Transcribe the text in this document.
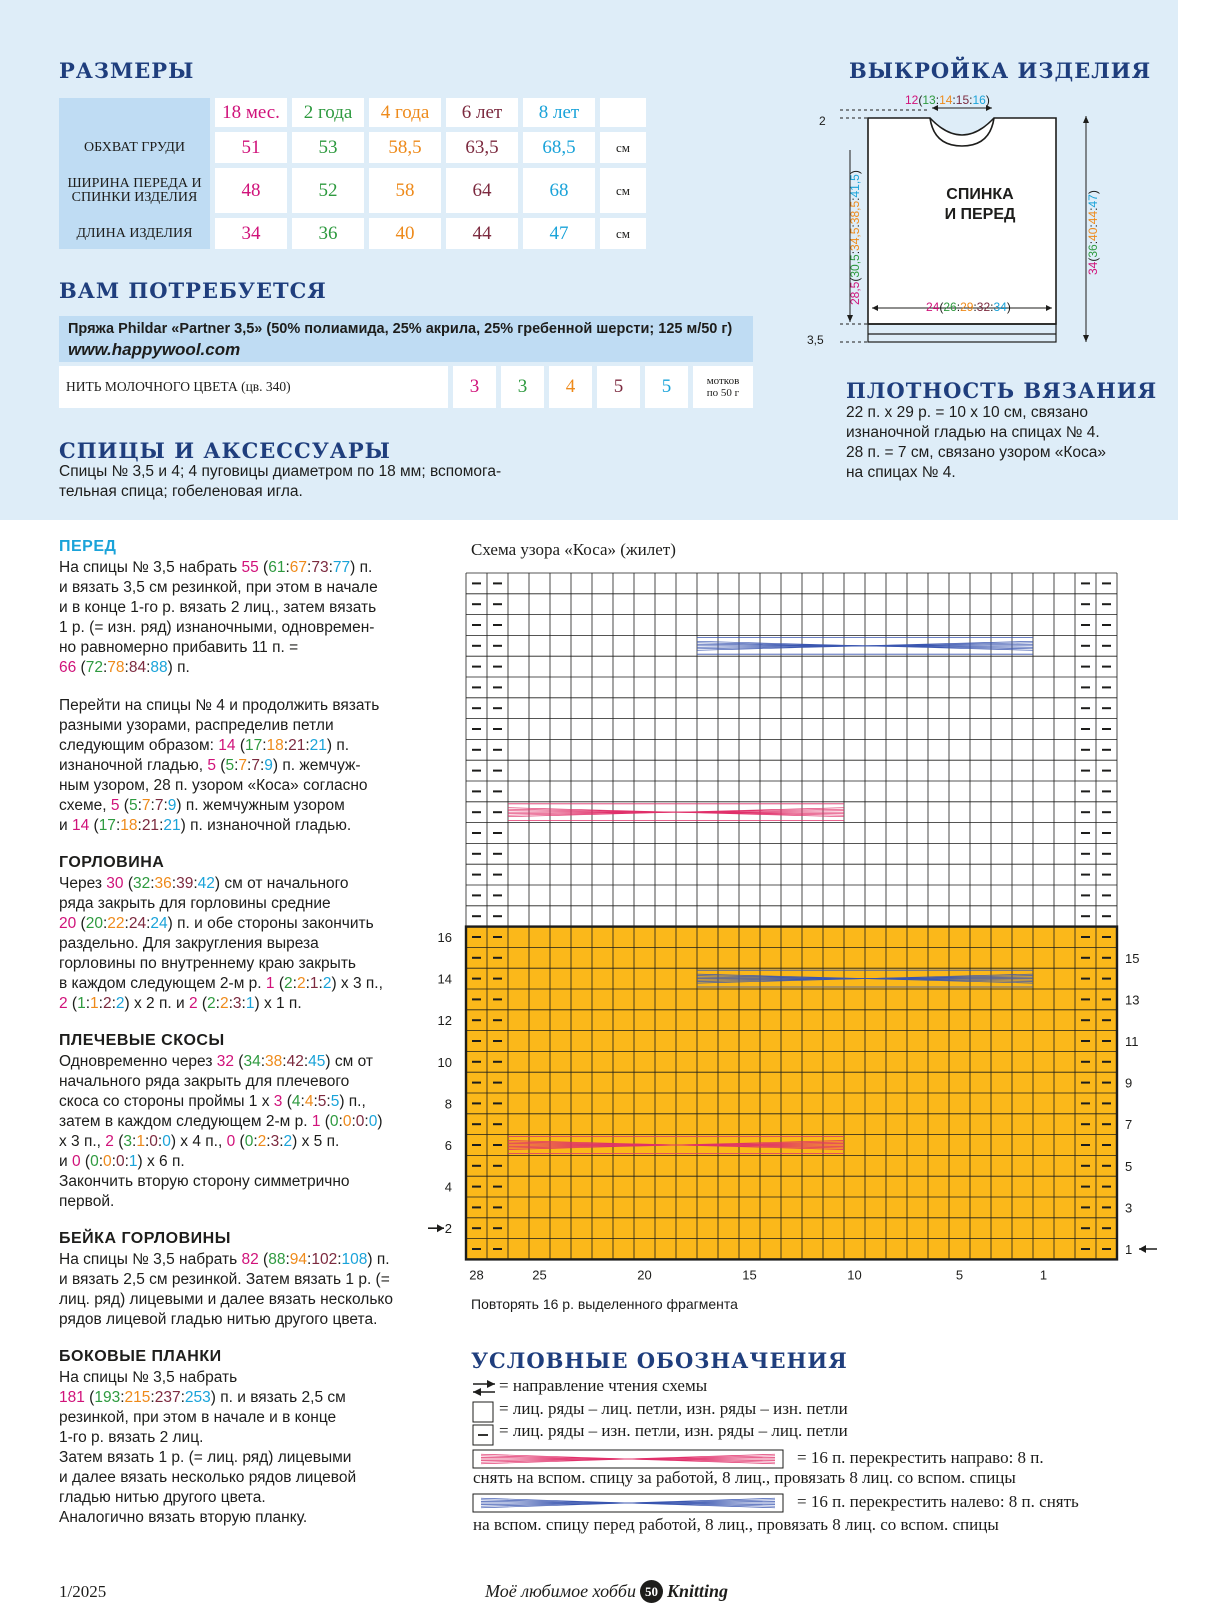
РАЗМЕРЫ
18 мес.	2 года	4 года	6 лет	8 лет
ОБХВАТ ГРУДИ	51	53	58,5	63,5	68,5	см
ШИРИНА ПЕРЕДА И СПИНКИ ИЗДЕЛИЯ	48	52	58	64	68	см
ДЛИНА ИЗДЕЛИЯ	34	36	40	44	47	см
ВЫКРОЙКА ИЗДЕЛИЯ
12(13:14:15:16)
2
3,5
24(26:29:32:34)
28,5(30,5:34,5:38,5:41,5)
34(36:40:44:47)
СПИНКА
И ПЕРЕД
ВАМ ПОТРЕБУЕТСЯ
Пряжа Phildar «Partner 3,5» (50% полиамида, 25% акрила, 25% гребенной шерсти; 125 м/50 г)
www.happywool.com
НИТЬ МОЛОЧНОГО ЦВЕТА (цв. 340)	3	3	4	5	5	мотков
по 50 г	ПЛОТНОСТЬ ВЯЗАНИЯ
22 п. х 29 р. = 10 х 10 см, связано
изнаночной гладью на спицах № 4.
28 п. = 7 см, связано узором «Коса»
на спицах № 4.
СПИЦЫ И АКСЕССУАРЫ
Спицы № 3,5 и 4; 4 пуговицы диаметром по 18 мм; вспомога-
тельная спица; гобеленовая игла.
ПЕРЕД
На спицы № 3,5 набрать 55 (61:67:73:77) п.
и вязать 3,5 см резинкой, при этом в начале
и в конце 1-го р. вязать 2 лиц., затем вязать
1 р. (= изн. ряд) изнаночными, одновремен-
но равномерно прибавить 11 п. =
66 (72:78:84:88) п.
Перейти на спицы № 4 и продолжить вязать
разными узорами, распределив петли
следующим образом: 14 (17:18:21:21) п.
изнаночной гладью, 5 (5:7:7:9) п. жемчуж-
ным узором, 28 п. узором «Коса» согласно
схеме, 5 (5:7:7:9) п. жемчужным узором
и 14 (17:18:21:21) п. изнаночной гладью.
ГОРЛОВИНА
Через 30 (32:36:39:42) см от начального
ряда закрыть для горловины средние
20 (20:22:24:24) п. и обе стороны закончить
раздельно. Для закругления выреза
горловины по внутреннему краю закрыть
в каждом следующем 2-м р. 1 (2:2:1:2) х 3 п.,
2 (1:1:2:2) х 2 п. и 2 (2:2:3:1) х 1 п.
ПЛЕЧЕВЫЕ СКОСЫ
Одновременно через 32 (34:38:42:45) см от
начального ряда закрыть для плечевого
скоса со стороны проймы 1 х 3 (4:4:5:5) п.,
затем в каждом следующем 2-м р. 1 (0:0:0:0)
х 3 п., 2 (3:1:0:0) х 4 п., 0 (0:2:3:2) х 5 п.
и 0 (0:0:0:1) х 6 п.
Закончить вторую сторону симметрично
первой.
БЕЙКА ГОРЛОВИНЫ
На спицы № 3,5 набрать 82 (88:94:102:108) п.
и вязать 2,5 см резинкой. Затем вязать 1 р. (=
лиц. ряд) лицевыми и далее вязать несколько
рядов лицевой гладью нитью другого цвета.
БОКОВЫЕ ПЛАНКИ
На спицы № 3,5 набрать
181 (193:215:237:253) п. и вязать 2,5 см
резинкой, при этом в начале и в конце
1-го р. вязать 2 лиц.
Затем вязать 1 р. (= лиц. ряд) лицевыми
и далее вязать несколько рядов лицевой
гладью нитью другого цвета.
Аналогично вязать вторую планку.
Схема узора «Коса» (жилет)
28	25	20	15	10	5	1
16
14
12
10
8
6
4
2
15
13
11
9
7
5
3
1
Повторять 16 р. выделенного фрагмента
УСЛОВНЫЕ ОБОЗНАЧЕНИЯ
= направление чтения схемы
= лиц. ряды – лиц. петли, изн. ряды – изн. петли
= лиц. ряды – изн. петли, изн. ряды – лиц. петли
= 16 п. перекрестить направо: 8 п.
снять на вспом. спицу за работой, 8 лиц., провязать 8 лиц. со вспом. спицы
= 16 п. перекрестить налево: 8 п. снять
на вспом. спицу перед работой, 8 лиц., провязать 8 лиц. со вспом. спицы
1/2025	Моё любимое хобби 50 Knitting
